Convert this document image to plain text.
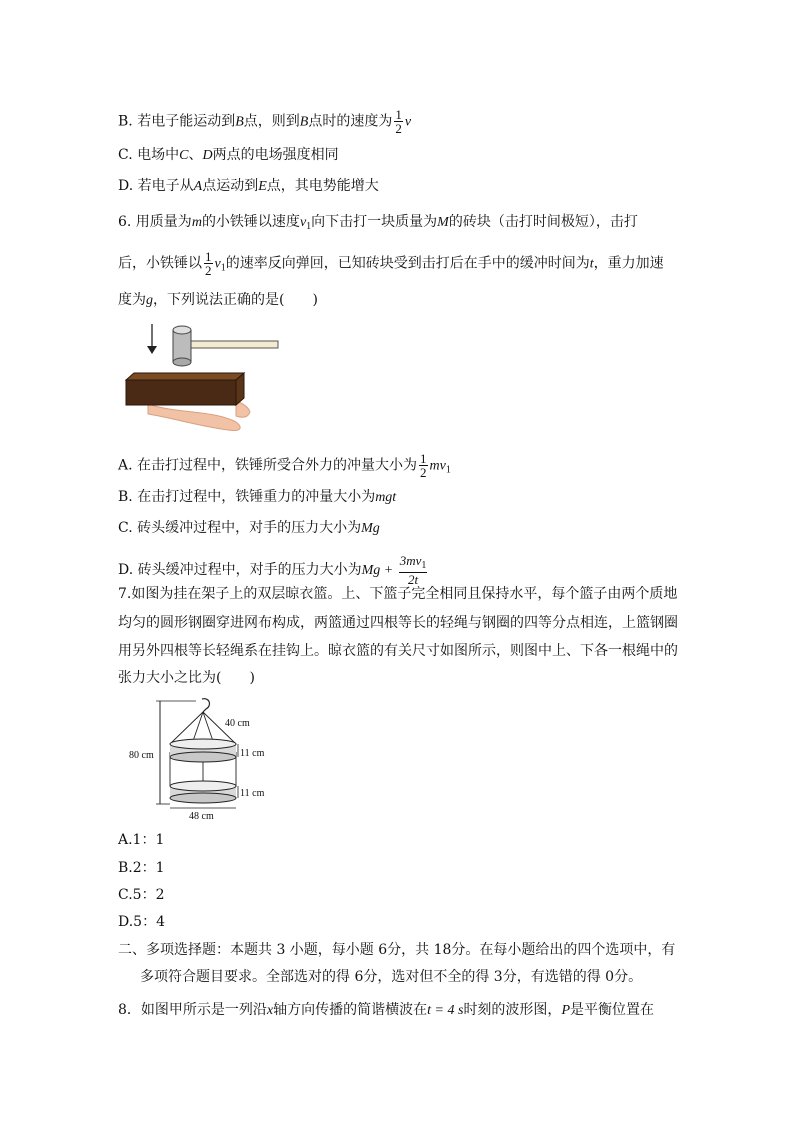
B. 若电子能运动到B点，则到B点时的速度为 $\frac{1}{2}$ v
C. 电场中C、D两点的电场强度相同
D. 若电子从A点运动到E点，其电势能增大
6. 用质量为m的小铁锤以速度$v_1$向下击打一块质量为M的砖块（击打时间极短），击打
后，小铁锤以 $\frac{1}{2} v_1$的速率反向弹回，已知砖块受到击打后在手中的缓冲时间为t，重力加速
度为g，下列说法正确的是(　　)
A. 在击打过程中，铁锤所受合外力的冲量大小为 $\frac{1}{2} mv_1$
B. 在击打过程中，铁锤重力的冲量大小为mgt
C. 砖头缓冲过程中，对手的压力大小为Mg
D. 砖头缓冲过程中，对手的压力大小为$Mg + \frac{3mv_1}{2t}$
7.如图为挂在架子上的双层晾衣篮。上、下篮子完全相同且保持水平，每个篮子由两个质地
均匀的圆形钢圈穿进网布构成，两篮通过四根等长的轻绳与钢圈的四等分点相连，上篮钢圈
用另外四根等长轻绳系在挂钩上。晾衣篮的有关尺寸如图所示，则图中上、下各一根绳中的
张力大小之比为(　　)
80 cm
40 cm
11 cm
11 cm
48 cm
A.1：1
B.2：1
C.5：2
D.5：4
二、多项选择题：本题共 3 小题，每小题 6分，共 18分。在每小题给出的四个选项中，有
多项符合题目要求。全部选对的得 6分，选对但不全的得 3分，有选错的得 0分。
8．如图甲所示是一列沿x轴方向传播的简谐横波在t = 4 s时刻的波形图，P是平衡位置在
